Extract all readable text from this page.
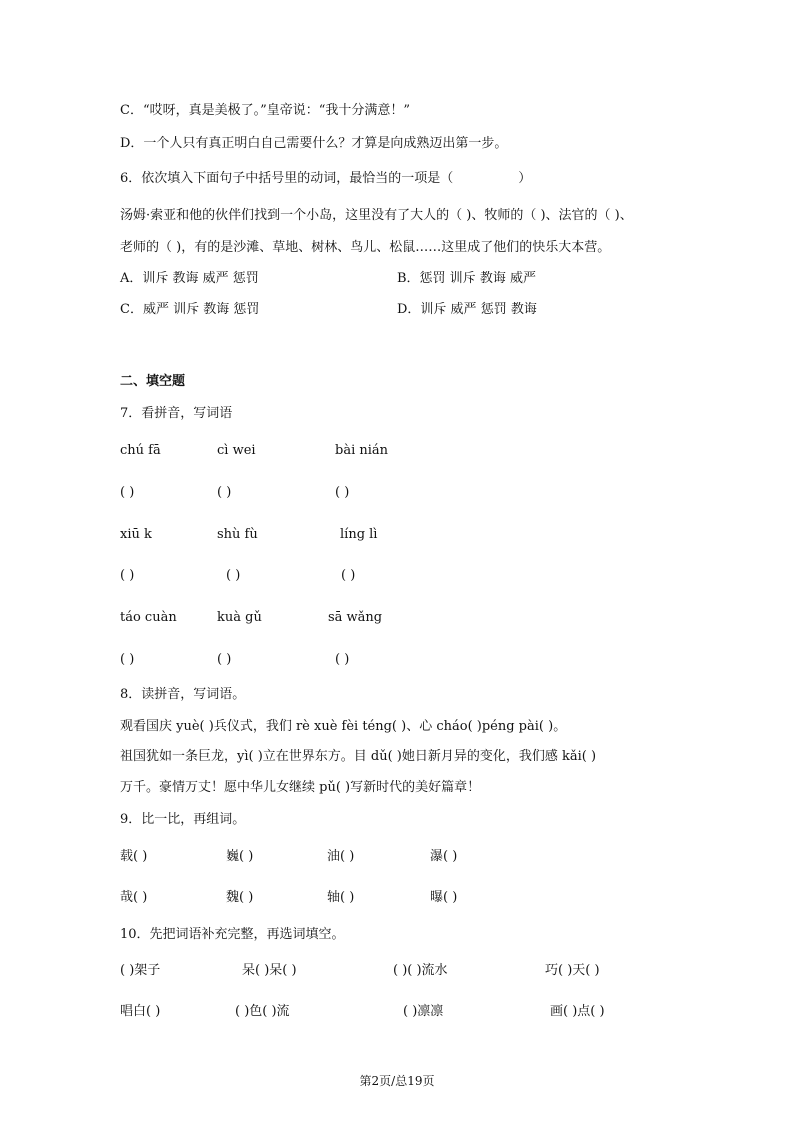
C．“哎呀，真是美极了。”皇帝说：“我十分满意！”
D．一个人只有真正明白自己需要什么？才算是向成熟迈出第一步。
6．依次填入下面句子中括号里的动词，最恰当的一项是（　　　　　）
汤姆·索亚和他的伙伴们找到一个小岛，这里没有了大人的（ )、牧师的（ )、法官的（ )、
老师的（ )，有的是沙滩、草地、树林、鸟儿、松鼠……这里成了他们的快乐大本营。
A．训斥 教诲 威严 惩罚	B．惩罚 训斥 教诲 威严
C．威严 训斥 教诲 惩罚	D．训斥 威严 惩罚 教诲
二、填空题
7．看拼音，写词语
chú fā	cì wei	bài nián
( )	( )	( )
xiū k	shù fù	líng lì
( )	( )	( )
táo cuàn	kuà gǔ	sā wǎng
( )	( )	( )
8．读拼音，写词语。
观看国庆 yuè( )兵仪式，我们 rè xuè fèi téng( )、心 cháo( )péng pài( )。
祖国犹如一条巨龙，yì( )立在世界东方。目 dǔ( )她日新月异的变化，我们感 kǎi( )
万千。豪情万丈！愿中华儿女继续 pǔ( )写新时代的美好篇章！
9．比一比，再组词。
载( )	巍( )	油( )	瀑( )
哉( )	魏( )	轴( )	曝( )
10．先把词语补充完整，再选词填空。
( )架子	呆( )呆( )	( )( )流水	巧( )天( )
唱白( )	( )色( )流	( )凛凛	画( )点( )
第2页/总19页
